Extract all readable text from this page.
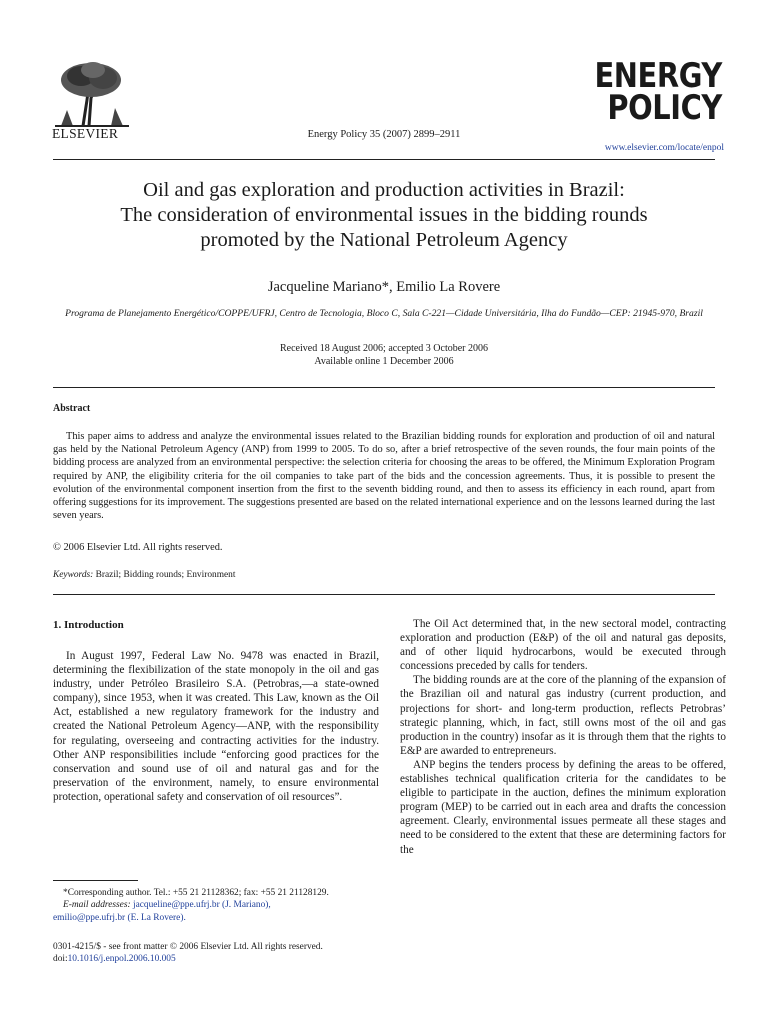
ELSEVIER	Energy Policy 35 (2007) 2899–2911
ENERGY
POLICY
www.elsevier.com/locate/enpol
Oil and gas exploration and production activities in Brazil:
The consideration of environmental issues in the bidding rounds
promoted by the National Petroleum Agency
Jacqueline Mariano*, Emilio La Rovere
Programa de Planejamento Energético/COPPE/UFRJ, Centro de Tecnologia, Bloco C, Sala C-221—Cidade Universitária, Ilha do Fundão—CEP: 21945-970, Brazil
Received 18 August 2006; accepted 3 October 2006
Available online 1 December 2006
Abstract
This paper aims to address and analyze the environmental issues related to the Brazilian bidding rounds for exploration and production of oil and natural gas held by the National Petroleum Agency (ANP) from 1999 to 2005. To do so, after a brief retrospective of the seven rounds, the four main points of the bidding process are analyzed from an environmental perspective: the selection criteria for choosing the areas to be offered, the Minimum Exploration Program required by ANP, the eligibility criteria for the oil companies to take part of the bids and the concession agreements. Thus, it is possible to present the evolution of the environmental component insertion from the first to the seventh bidding round, and then to assess its efficiency in each round, apart from offering suggestions for its improvement. The suggestions presented are based on the related international experience and on the lessons learned during the last seven years.
© 2006 Elsevier Ltd. All rights reserved.
Keywords: Brazil; Bidding rounds; Environment
1. Introduction

In August 1997, Federal Law No. 9478 was enacted in Brazil, determining the flexibilization of the state monopoly in the oil and gas industry, under Petróleo Brasileiro S.A. (Petrobras,—a state-owned company), since 1953, when it was created. This Law, known as the Oil Act, established a new regulatory framework for the industry and created the National Petroleum Agency—ANP, with the responsibility for regulating, overseeing and contracting activities for the industry. Other ANP responsibilities include “enforcing good practices for the conservation and sound use of oil and natural gas and for the preservation of the environment, namely, to ensure environmental protection, operational safety and conservation of oil resources”.

The Oil Act determined that, in the new sectoral model, contracting exploration and production (E&P) of the oil and natural gas deposits, and of other liquid hydrocarbons, would be executed through concessions preceded by calls for tenders.

The bidding rounds are at the core of the planning of the expansion of the Brazilian oil and natural gas industry (current production, and projections for short- and long-term production, reflects Petrobras’ strategic planning, which, in fact, still owns most of the oil and gas production in the country) insofar as it is through them that the rights to E&P are awarded to entrepreneurs.

ANP begins the tenders process by defining the areas to be offered, establishes technical qualification criteria for the candidates to be eligible to participate in the auction, defines the minimum exploration program (MEP) to be carried out in each area and drafts the concession agreement. Clearly, environmental issues permeate all these stages and need to be considered to the extent that these are determining factors for the

*Corresponding author. Tel.: +55 21 21128362; fax: +55 21 21128129.
E-mail addresses: jacqueline@ppe.ufrj.br (J. Mariano),
emilio@ppe.ufrj.br (E. La Rovere).
0301-4215/$ - see front matter © 2006 Elsevier Ltd. All rights reserved.
doi:10.1016/j.enpol.2006.10.005
